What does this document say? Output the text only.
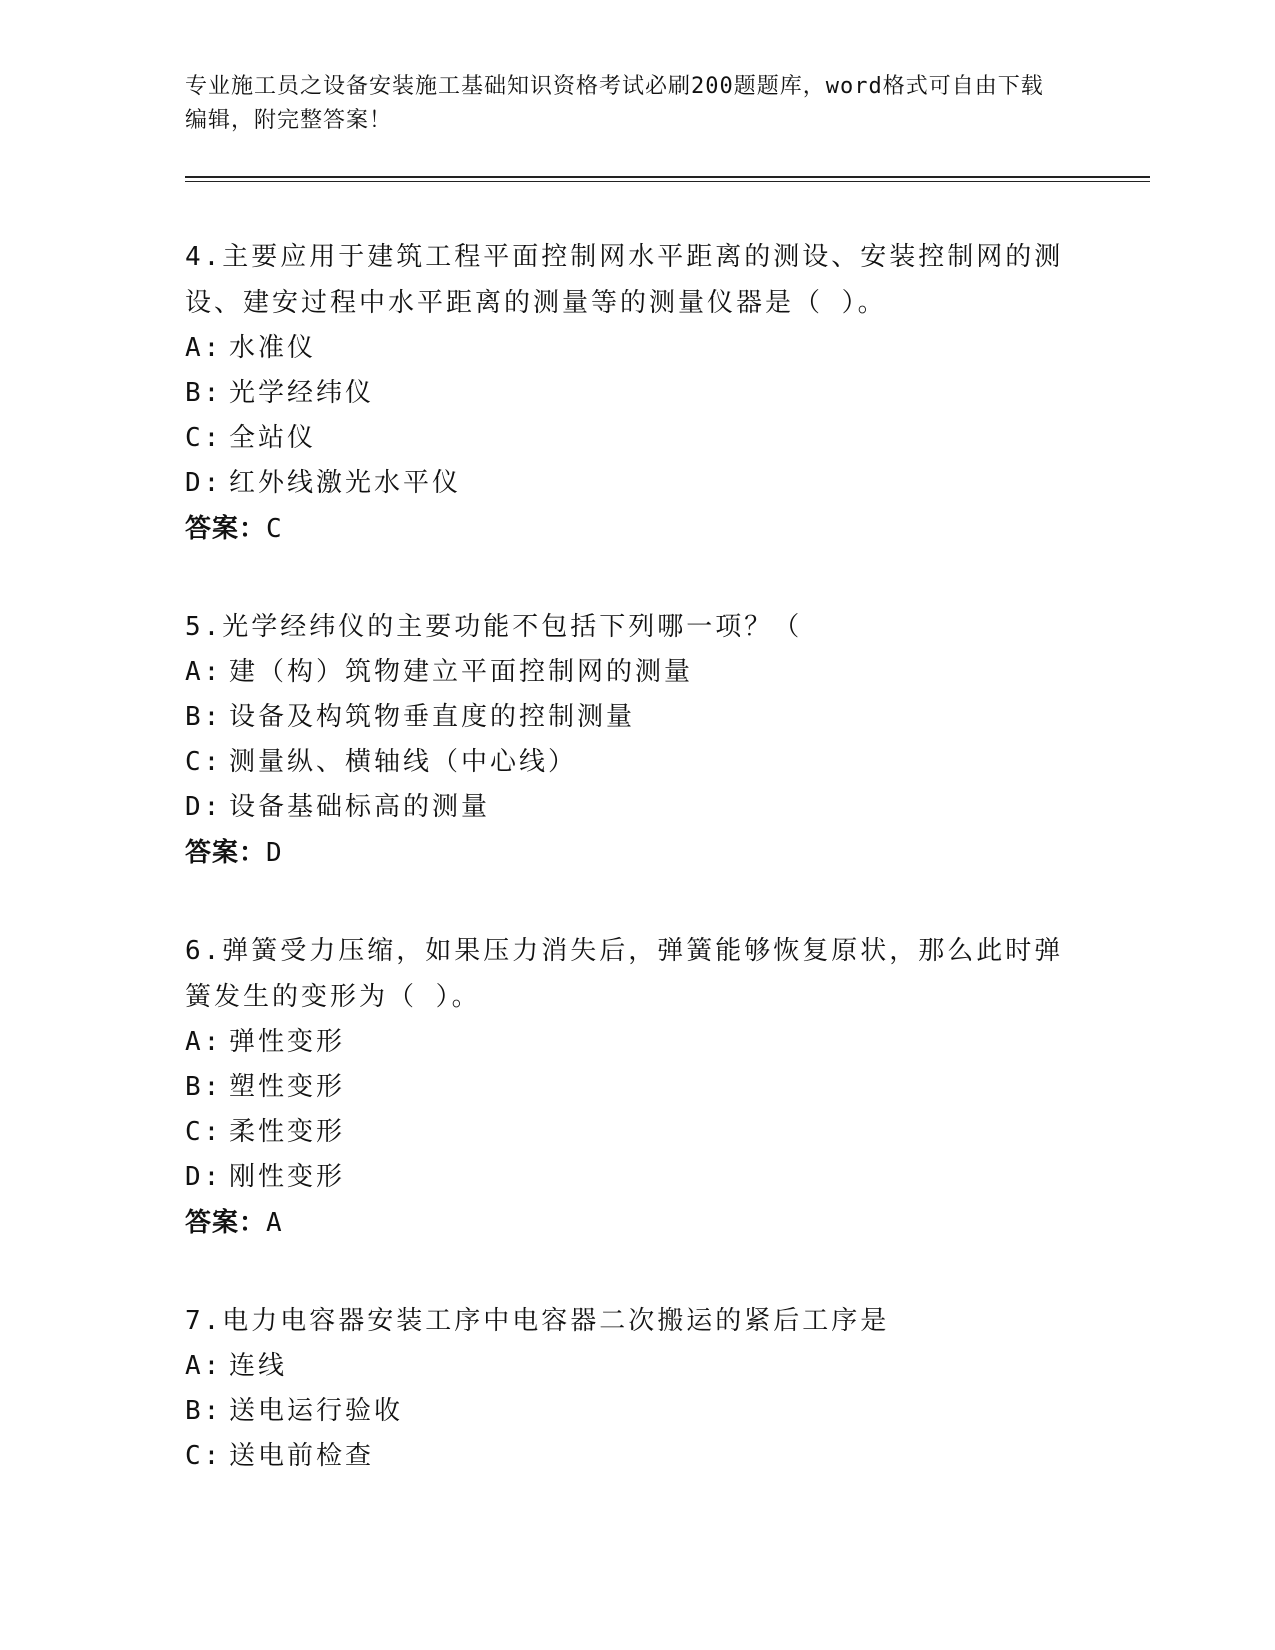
专业施工员之设备安装施工基础知识资格考试必刷200题题库，word格式可自由下载编辑，附完整答案！
4.主要应用于建筑工程平面控制网水平距离的测设、安装控制网的测设、建安过程中水平距离的测量等的测量仪器是（ ）。
A: 水准仪
B: 光学经纬仪
C: 全站仪
D: 红外线激光水平仪
答案：C
5.光学经纬仪的主要功能不包括下列哪一项？（
A: 建（构）筑物建立平面控制网的测量
B: 设备及构筑物垂直度的控制测量
C: 测量纵、横轴线（中心线）
D: 设备基础标高的测量
答案：D
6.弹簧受力压缩，如果压力消失后，弹簧能够恢复原状，那么此时弹簧发生的变形为（ ）。
A: 弹性变形
B: 塑性变形
C: 柔性变形
D: 刚性变形
答案：A
7.电力电容器安装工序中电容器二次搬运的紧后工序是
A: 连线
B: 送电运行验收
C: 送电前检查
